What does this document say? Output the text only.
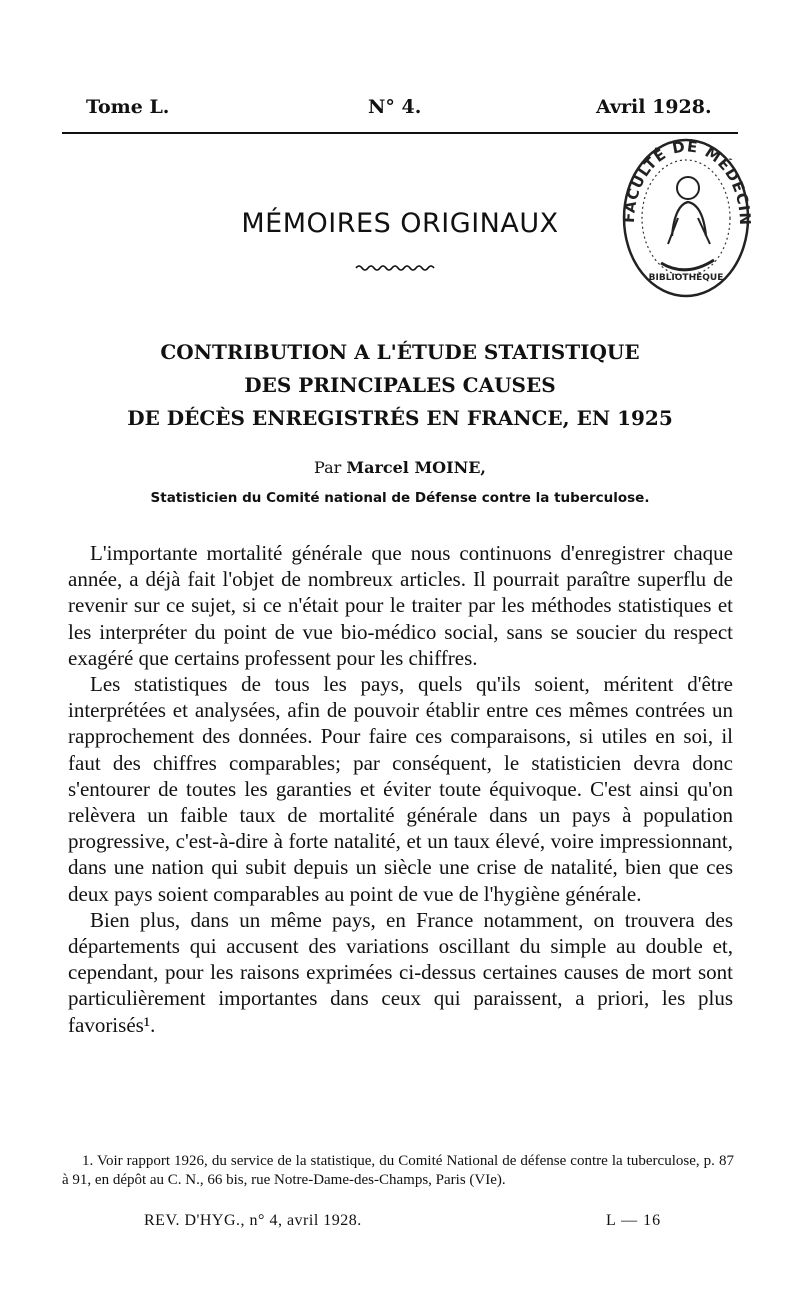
Tome L.	N° 4.	Avril 1928.
FACULTÉ DE MÉDECIN
BIBLIOTHÈQUE
MÉMOIRES ORIGINAUX
CONTRIBUTION A L'ÉTUDE STATISTIQUE
DES PRINCIPALES CAUSES
DE DÉCÈS ENREGISTRÉS EN FRANCE, EN 1925
Par Marcel MOINE,
Statisticien du Comité national de Défense contre la tuberculose.

L'importante mortalité générale que nous continuons d'enregistrer chaque année, a déjà fait l'objet de nombreux articles. Il pourrait paraître superflu de revenir sur ce sujet, si ce n'était pour le traiter par les méthodes statistiques et les interpréter du point de vue bio-médico social, sans se soucier du respect exagéré que certains professent pour les chiffres.

Les statistiques de tous les pays, quels qu'ils soient, méritent d'être interprétées et analysées, afin de pouvoir établir entre ces mêmes contrées un rapprochement des données. Pour faire ces comparaisons, si utiles en soi, il faut des chiffres comparables; par conséquent, le statisticien devra donc s'entourer de toutes les garanties et éviter toute équivoque. C'est ainsi qu'on relèvera un faible taux de mortalité générale dans un pays à population progressive, c'est-à-dire à forte natalité, et un taux élevé, voire impressionnant, dans une nation qui subit depuis un siècle une crise de natalité, bien que ces deux pays soient comparables au point de vue de l'hygiène générale.

Bien plus, dans un même pays, en France notamment, on trouvera des départements qui accusent des variations oscillant du simple au double et, cependant, pour les raisons exprimées ci-dessus certaines causes de mort sont particulièrement importantes dans ceux qui paraissent, a priori, les plus favorisés¹.

1. Voir rapport 1926, du service de la statistique, du Comité National de défense contre la tuberculose, p. 87 à 91, en dépôt au C. N., 66 bis, rue Notre-Dame-des-Champs, Paris (VIe).

REV. D'HYG., n° 4, avril 1928.	L — 16
